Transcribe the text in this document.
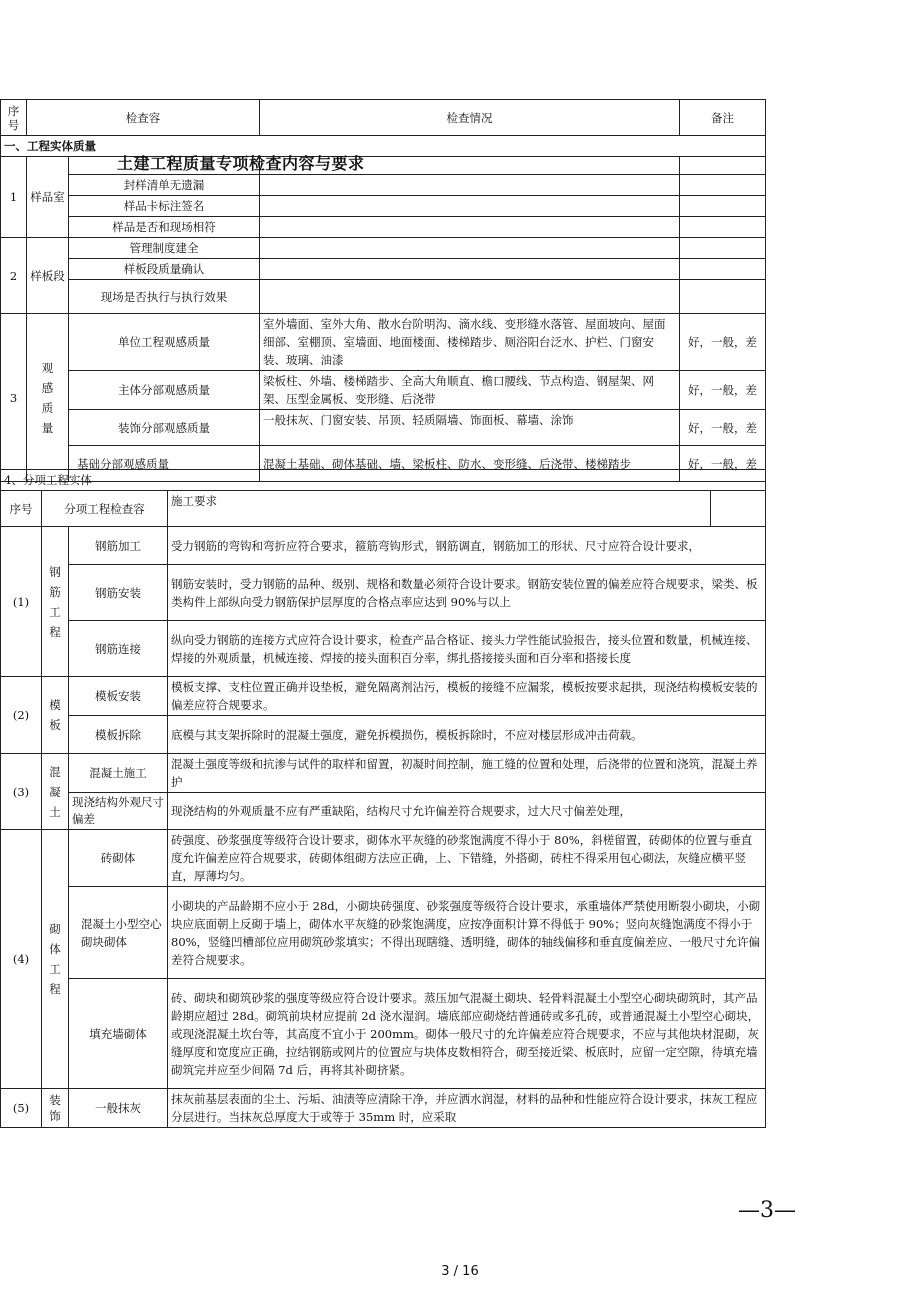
土建工程质量专项检查内容与要求
序号	检查容		检查情况	备注
一、工程实体质量				
1	样品室			
		封样清单无遗漏		
		样品卡标注签名		
		样品是否和现场相符		
2	样板段	管理制度建全		
		样板段质量确认		
		现场是否执行与执行效果		
3	观感质量	单位工程观感质量	室外墙面、室外大角、散水台阶明沟、滴水线、变形缝水落管、屋面坡向、屋面细部、室棚顶、室墙面、地面楼面、楼梯踏步、厕浴阳台泛水、护栏、门窗安装、玻璃、油漆	好，一般，差
		主体分部观感质量	梁板柱、外墙、楼梯踏步、全高大角顺直、檐口腰线、节点构造、钢屋架、网架、压型金属板、变形缝、后浇带	好，一般，差
		装饰分部观感质量	一般抹灰、门窗安装、吊顶、轻质隔墙、饰面板、幕墙、涂饰	好，一般，差
		基础分部观感质量	混凝土基础、砌体基础、墙、梁板柱、防水、变形缝、后浇带、楼梯踏步	好，一般，差
4、分项工程实体				
序号	分项工程检查容		施工要求	
(1)	钢筋工程	钢筋加工	受力钢筋的弯钩和弯折应符合要求，箍筋弯钩形式，钢筋调直，钢筋加工的形状、尺寸应符合设计要求，	
		钢筋安装	钢筋安装时，受力钢筋的品种、级别、规格和数量必须符合设计要求。钢筋安装位置的偏差应符合规要求，梁类、板类构件上部纵向受力钢筋保护层厚度的合格点率应达到 90%与以上	
		钢筋连接	纵向受力钢筋的连接方式应符合设计要求，检查产品合格证、接头力学性能试验报告，接头位置和数量，机械连接、焊接的外观质量，机械连接、焊接的接头面积百分率，绑扎搭接接头面和百分率和搭接长度	
(2)	模板	模板安装	模板支撑、支柱位置正确并设垫板，避免隔离剂沾污，模板的接缝不应漏浆，模板按要求起拱，现浇结构模板安装的偏差应符合规要求。	
		模板拆除	底模与其支架拆除时的混凝土强度，避免拆模损伤，模板拆除时，不应对楼层形成冲击荷载。	
(3)	混凝土	混凝土施工	混凝土强度等级和抗渗与试件的取样和留置，初凝时间控制，施工缝的位置和处理，后浇带的位置和浇筑，混凝土养护	
		现浇结构外观尺寸偏差	现浇结构的外观质量不应有严重缺陷，结构尺寸允许偏差符合规要求，过大尺寸偏差处理，	
(4)	砌体工程	砖砌体	砖强度、砂浆强度等级符合设计要求，砌体水平灰缝的砂浆饱满度不得小于 80%，斜槎留置，砖砌体的位置与垂直度允许偏差应符合规要求，砖砌体组砌方法应正确，上、下错缝，外搭砌，砖柱不得采用包心砌法，灰缝应横平竖直，厚薄均匀。	
		混凝土小型空心砌块砌体	小砌块的产品龄期不应小于 28d，小砌块砖强度、砂浆强度等级符合设计要求，承重墙体严禁使用断裂小砌块，小砌块应底面朝上反砌于墙上，砌体水平灰缝的砂浆饱满度，应按净面积计算不得低于 90%；竖向灰缝饱满度不得小于 80%，竖缝凹槽部位应用砌筑砂浆填实；不得出现瞎缝、透明缝，砌体的轴线偏移和垂直度偏差应、一般尺寸允许偏差符合规要求。	
		填充墙砌体	砖、砌块和砌筑砂浆的强度等级应符合设计要求。蒸压加气混凝土砌块、轻骨料混凝土小型空心砌块砌筑时，其产品龄期应超过 28d。砌筑前块材应提前 2d 浇水湿润。墙底部应砌烧结普通砖或多孔砖，或普通混凝土小型空心砌块，或现浇混凝土坎台等，其高度不宜小于 200mm。砌体一般尺寸的允许偏差应符合规要求，不应与其他块材混砌，灰缝厚度和宽度应正确，拉结钢筋或网片的位置应与块体皮数相符合，砌至接近梁、板底时，应留一定空隙，待填充墙砌筑完并应至少间隔 7d 后，再将其补砌挤紧。	
(5)	装饰	一般抹灰	抹灰前基层表面的尘土、污垢、油渍等应清除干净，并应洒水润湿，材料的品种和性能应符合设计要求，抹灰工程应分层进行。当抹灰总厚度大于或等于 35mm 时，应采取	
—3—
3 / 16
